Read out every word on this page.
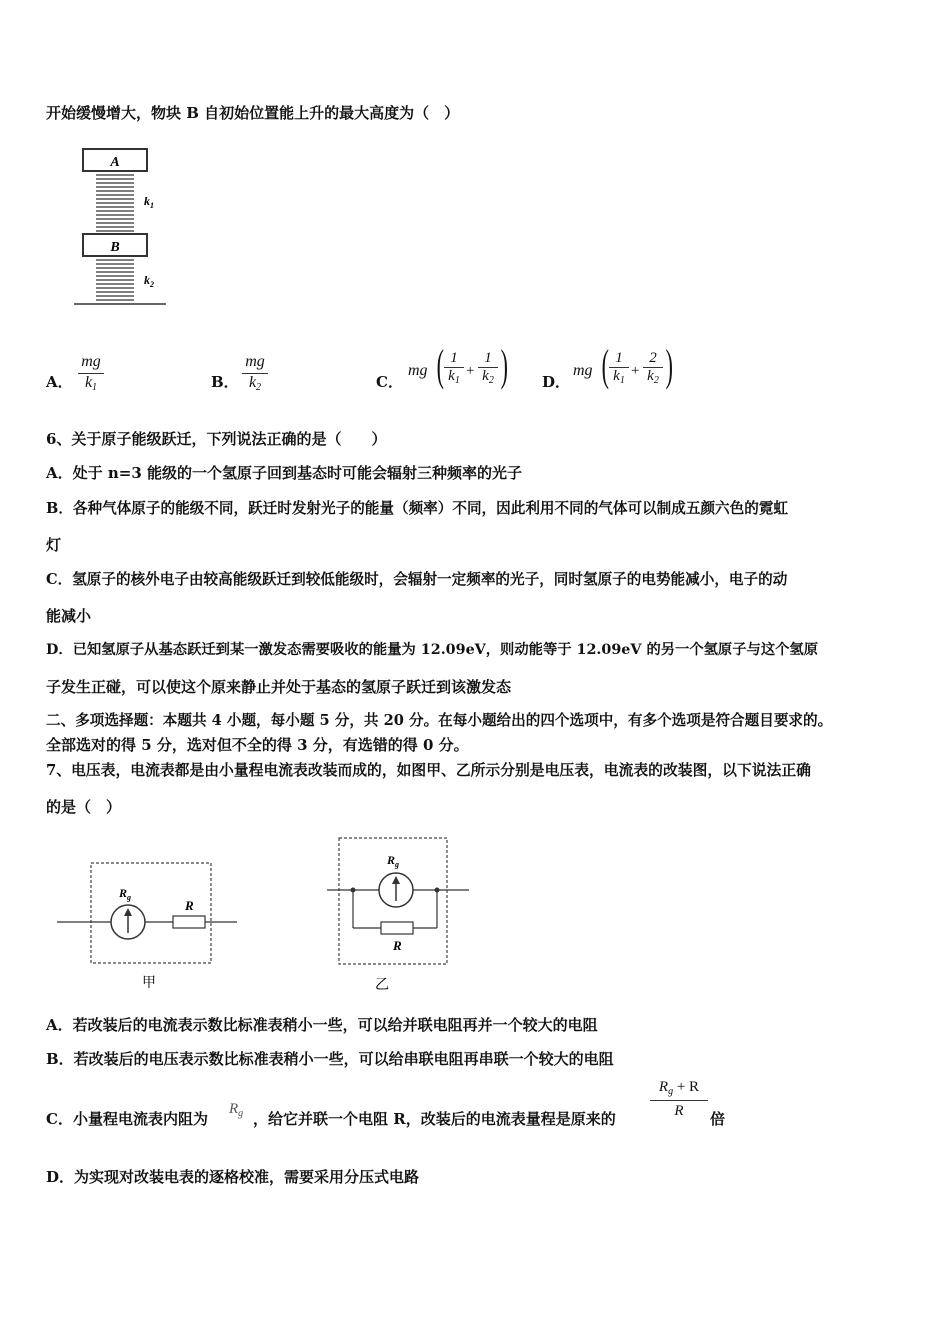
开始缓慢增大，物块 B 自初始位置能上升的最大高度为（　）
A
$k_1$
B
$k_2$
A． $\frac{mg}{k_1}$	B． $\frac{mg}{k_2}$	C．
mg ( $\frac{1}{k_1} + \frac{1}{k_2}$ ) D．
mg ( $\frac{1}{k_1} + \frac{2}{k_2}$ )
6、关于原子能级跃迁，下列说法正确的是（　　）
A．处于 n=3 能级的一个氢原子回到基态时可能会辐射三种频率的光子
B．各种气体原子的能级不同，跃迁时发射光子的能量（频率）不同，因此利用不同的气体可以制成五颜六色的霓虹
灯
C．氢原子的核外电子由较高能级跃迁到较低能级时，会辐射一定频率的光子，同时氢原子的电势能减小，电子的动
能减小
D．已知氢原子从基态跃迁到某一激发态需要吸收的能量为 12.09eV，则动能等于 12.09eV 的另一个氢原子与这个氢原
子发生正碰，可以使这个原来静止并处于基态的氢原子跃迁到该激发态
二、多项选择题：本题共 4 小题，每小题 5 分，共 20 分。在每小题给出的四个选项中，有多个选项是符合题目要求的。
全部选对的得 5 分，选对但不全的得 3 分，有选错的得 0 分。
7、电压表，电流表都是由小量程电流表改装而成的，如图甲、乙所示分别是电压表，电流表的改装图，以下说法正确
的是（　）
$R_g$
R
甲
$R_g$
R
乙
A．若改装后的电流表示数比标准表稍小一些，可以给并联电阻再并一个较大的电阻
B．若改装后的电压表示数比标准表稍小一些，可以给串联电阻再串联一个较大的电阻
C．小量程电流表内阻为
$R_g$ ，给它并联一个电阻 R，改装后的电流表量程是原来的 $\frac{R_g + R}{R}$ 倍
D．为实现对改装电表的逐格校准，需要采用分压式电路
